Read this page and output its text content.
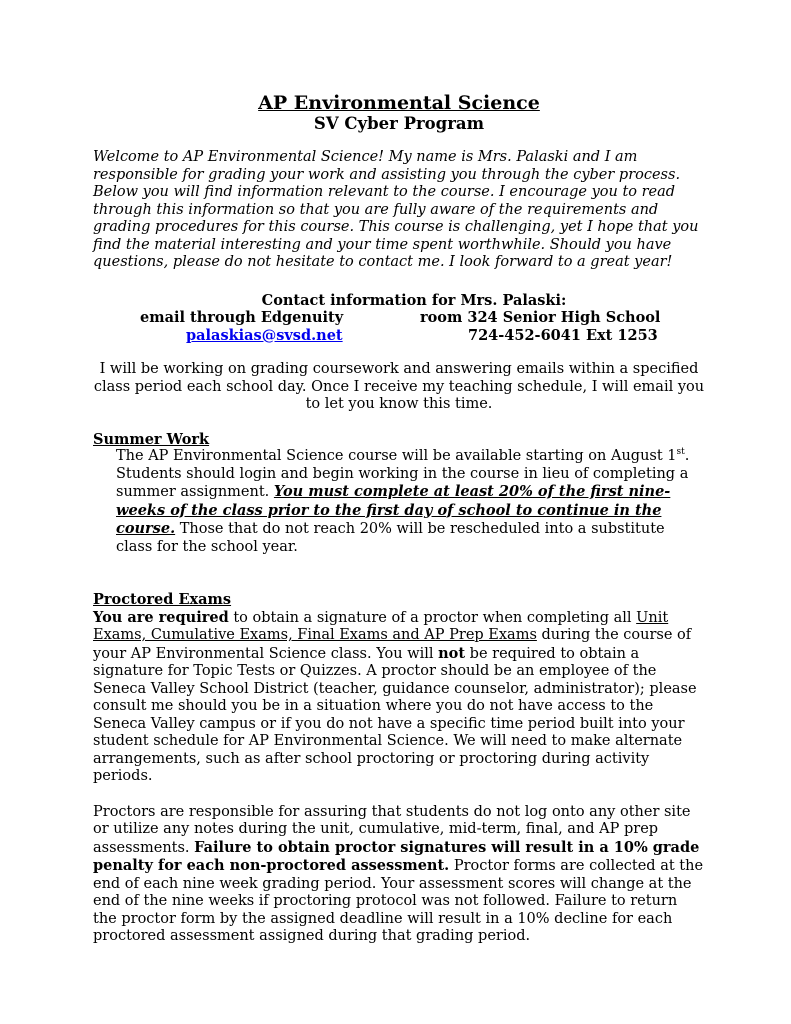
AP Environmental Science
SV Cyber Program

Welcome to AP Environmental Science! My name is Mrs. Palaski and I am responsible for grading your work and assisting you through the cyber process. Below you will find information relevant to the course. I encourage you to read through this information so that you are fully aware of the requirements and grading procedures for this course. This course is challenging, yet I hope that you find the material interesting and your time spent worthwhile. Should you have questions, please do not hesitate to contact me. I look forward to a great year!

Contact information for Mrs. Palaski:
email through Edgenuity	room 324 Senior High School
palaskias@svsd.net	724-452-6041 Ext 1253

I will be working on grading coursework and answering emails within a specified class period each school day. Once I receive my teaching schedule, I will email you to let you know this time.

Summer Work

The AP Environmental Science course will be available starting on August 1st. Students should login and begin working in the course in lieu of completing a summer assignment. You must complete at least 20% of the first nine-weeks of the class prior to the first day of school to continue in the course. Those that do not reach 20% will be rescheduled into a substitute class for the school year.

Proctored Exams

You are required to obtain a signature of a proctor when completing all Unit Exams, Cumulative Exams, Final Exams and AP Prep Exams during the course of your AP Environmental Science class. You will not be required to obtain a signature for Topic Tests or Quizzes. A proctor should be an employee of the Seneca Valley School District (teacher, guidance counselor, administrator); please consult me should you be in a situation where you do not have access to the Seneca Valley campus or if you do not have a specific time period built into your student schedule for AP Environmental Science. We will need to make alternate arrangements, such as after school proctoring or proctoring during activity periods.

Proctors are responsible for assuring that students do not log onto any other site or utilize any notes during the unit, cumulative, mid-term, final, and AP prep assessments. Failure to obtain proctor signatures will result in a 10% grade penalty for each non-proctored assessment. Proctor forms are collected at the end of each nine week grading period. Your assessment scores will change at the end of the nine weeks if proctoring protocol was not followed. Failure to return the proctor form by the assigned deadline will result in a 10% decline for each proctored assessment assigned during that grading period.
